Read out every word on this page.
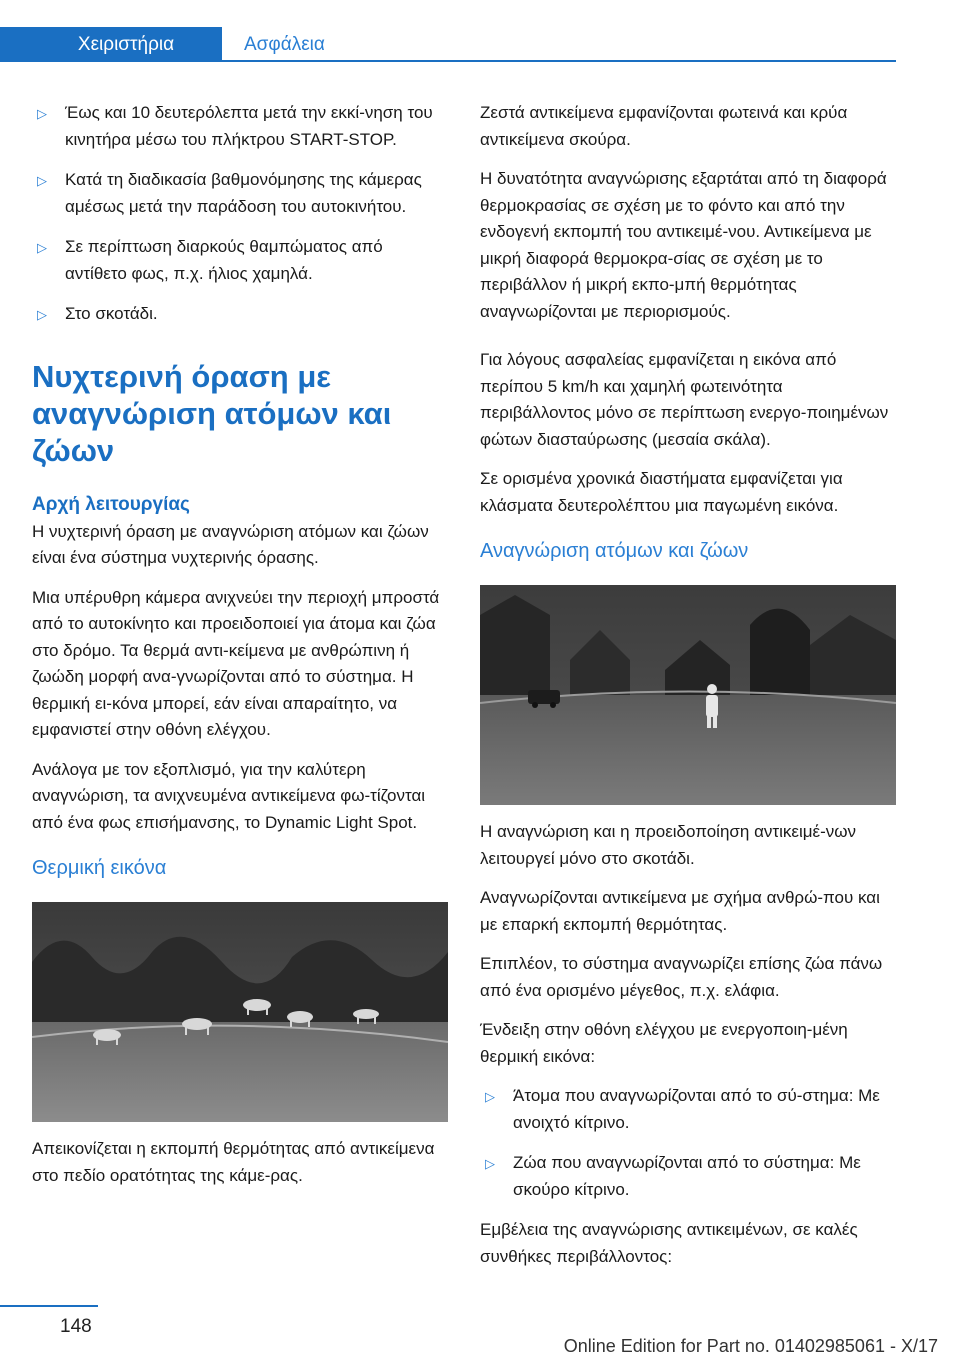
Χειριστήρια	Ασφάλεια
▷ Έως και 10 δευτερόλεπτα μετά την εκκί-νηση του κινητήρα μέσω του πλήκτρου START-STOP.
▷ Κατά τη διαδικασία βαθμονόμησης της κάμερας αμέσως μετά την παράδοση του αυτοκινήτου.
▷ Σε περίπτωση διαρκούς θαμπώματος από αντίθετο φως, π.χ. ήλιος χαμηλά.
▷ Στο σκοτάδι.
Νυχτερινή όραση με αναγνώριση ατόμων και ζώων
Αρχή λειτουργίας

Η νυχτερινή όραση με αναγνώριση ατόμων και ζώων είναι ένα σύστημα νυχτερινής όρασης.

Μια υπέρυθρη κάμερα ανιχνεύει την περιοχή μπροστά από το αυτοκίνητο και προειδοποιεί για άτομα και ζώα στο δρόμο. Τα θερμά αντι-κείμενα με ανθρώπινη ή ζωώδη μορφή ανα-γνωρίζονται από το σύστημα. Η θερμική ει-κόνα μπορεί, εάν είναι απαραίτητο, να εμφανιστεί στην οθόνη ελέγχου.

Ανάλογα με τον εξοπλισμό, για την καλύτερη αναγνώριση, τα ανιχνευμένα αντικείμενα φω-τίζονται από ένα φως επισήμανσης, το Dynamic Light Spot.

Θερμική εικόνα

Απεικονίζεται η εκπομπή θερμότητας από αντικείμενα στο πεδίο ορατότητας της κάμε-ρας.

Ζεστά αντικείμενα εμφανίζονται φωτεινά και κρύα αντικείμενα σκούρα.

Η δυνατότητα αναγνώρισης εξαρτάται από τη διαφορά θερμοκρασίας σε σχέση με το φόντο και από την ενδογενή εκπομπή του αντικειμέ-νου. Αντικείμενα με μικρή διαφορά θερμοκρα-σίας σε σχέση με το περιβάλλον ή μικρή εκπο-μπή θερμότητας αναγνωρίζονται με περιορισμούς.

Για λόγους ασφαλείας εμφανίζεται η εικόνα από περίπου 5 km/h και χαμηλή φωτεινότητα περιβάλλοντος μόνο σε περίπτωση ενεργο-ποιημένων φώτων διασταύρωσης (μεσαία σκάλα).

Σε ορισμένα χρονικά διαστήματα εμφανίζεται για κλάσματα δευτερολέπτου μια παγωμένη εικόνα.

Αναγνώριση ατόμων και ζώων

Η αναγνώριση και η προειδοποίηση αντικειμέ-νων λειτουργεί μόνο στο σκοτάδι.

Αναγνωρίζονται αντικείμενα με σχήμα ανθρώ-που και με επαρκή εκπομπή θερμότητας.

Επιπλέον, το σύστημα αναγνωρίζει επίσης ζώα πάνω από ένα ορισμένο μέγεθος, π.χ. ελάφια.

Ένδειξη στην οθόνη ελέγχου με ενεργοποιη-μένη θερμική εικόνα:

▷ Άτομα που αναγνωρίζονται από το σύ-στημα: Με ανοιχτό κίτρινο.
▷ Ζώα που αναγνωρίζονται από το σύστημα: Με σκούρο κίτρινο.

Εμβέλεια της αναγνώρισης αντικειμένων, σε καλές συνθήκες περιβάλλοντος:

148
Online Edition for Part no. 01402985061 - X/17
